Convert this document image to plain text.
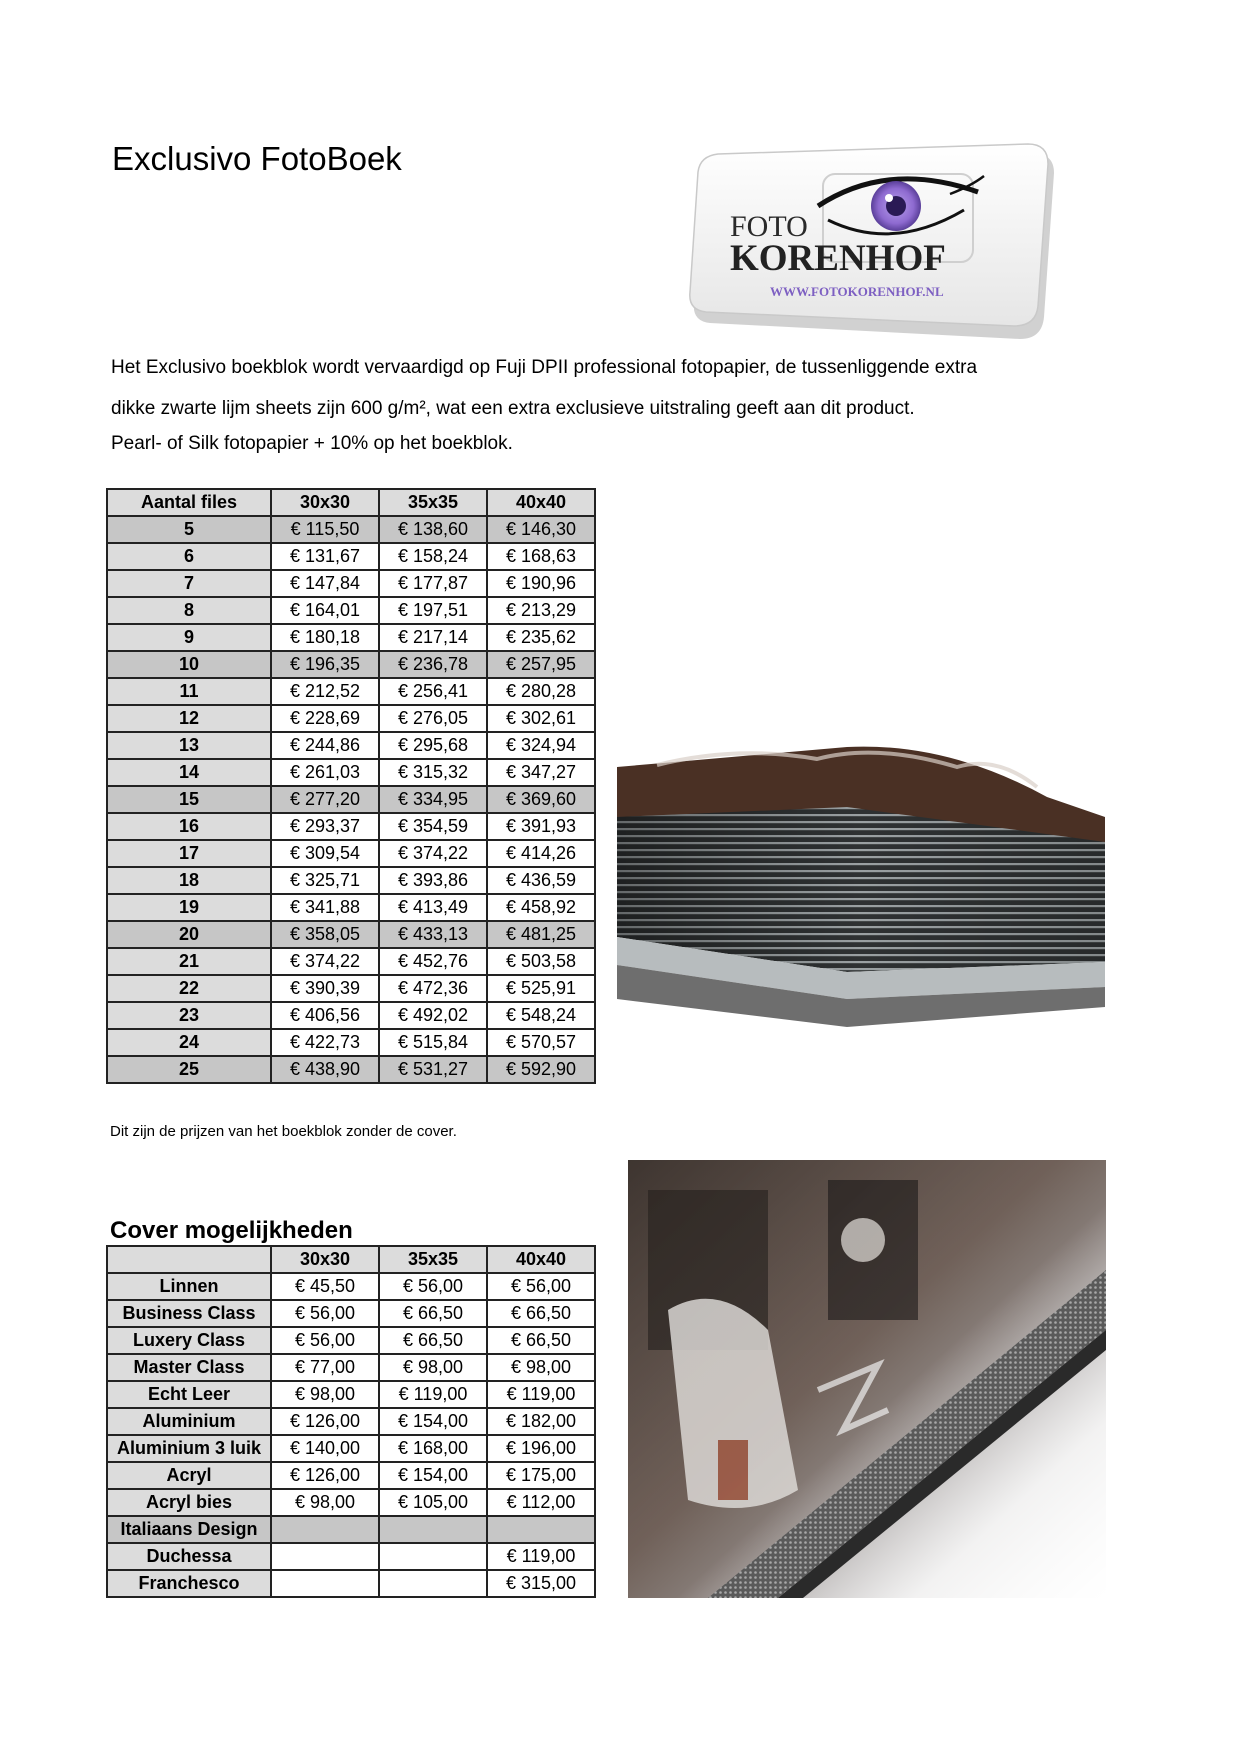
Exclusivo FotoBoek
FOTO
KORENHOF
WWW.FOTOKORENHOF.NL
Het Exclusivo boekblok wordt vervaardigd op Fuji DPII professional fotopapier, de tussenliggende extra
dikke zwarte lijm sheets zijn 600 g/m², wat een extra exclusieve uitstraling geeft aan dit product.
Pearl- of Silk fotopapier + 10% op het boekblok.
Aantal files	30x30	35x35	40x40
5	€ 115,50	€ 138,60	€ 146,30
6	€ 131,67	€ 158,24	€ 168,63
7	€ 147,84	€ 177,87	€ 190,96
8	€ 164,01	€ 197,51	€ 213,29
9	€ 180,18	€ 217,14	€ 235,62
10	€ 196,35	€ 236,78	€ 257,95
11	€ 212,52	€ 256,41	€ 280,28
12	€ 228,69	€ 276,05	€ 302,61
13	€ 244,86	€ 295,68	€ 324,94
14	€ 261,03	€ 315,32	€ 347,27
15	€ 277,20	€ 334,95	€ 369,60
16	€ 293,37	€ 354,59	€ 391,93
17	€ 309,54	€ 374,22	€ 414,26
18	€ 325,71	€ 393,86	€ 436,59
19	€ 341,88	€ 413,49	€ 458,92
20	€ 358,05	€ 433,13	€ 481,25
21	€ 374,22	€ 452,76	€ 503,58
22	€ 390,39	€ 472,36	€ 525,91
23	€ 406,56	€ 492,02	€ 548,24
24	€ 422,73	€ 515,84	€ 570,57
25	€ 438,90	€ 531,27	€ 592,90
Dit zijn de prijzen van het boekblok zonder de cover.
Cover mogelijkheden
	30x30	35x35	40x40
Linnen	€ 45,50	€ 56,00	€ 56,00
Business Class	€ 56,00	€ 66,50	€ 66,50
Luxery Class	€ 56,00	€ 66,50	€ 66,50
Master Class	€ 77,00	€ 98,00	€ 98,00
Echt Leer	€ 98,00	€ 119,00	€ 119,00
Aluminium	€ 126,00	€ 154,00	€ 182,00
Aluminium 3 luik	€ 140,00	€ 168,00	€ 196,00
Acryl	€ 126,00	€ 154,00	€ 175,00
Acryl bies	€ 98,00	€ 105,00	€ 112,00
Italiaans Design			
Duchessa			€ 119,00
Franchesco			€ 315,00
